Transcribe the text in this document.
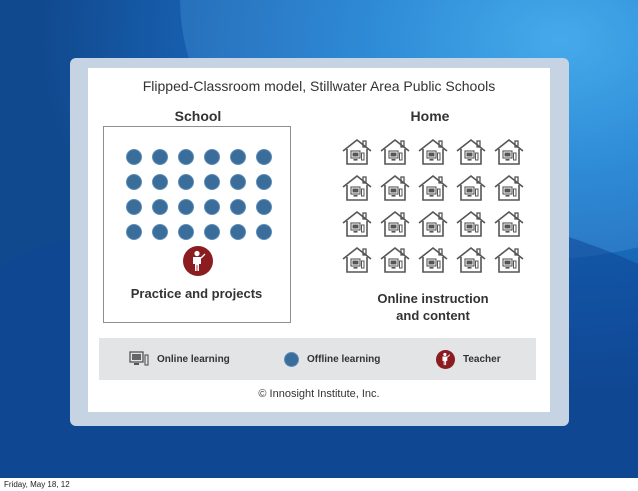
Flipped-Classroom model, Stillwater Area Public Schools
School	Home
Practice and projects	Online instruction
and content
Online learning	Offline learning	Teacher
© Innosight Institute, Inc.
Friday, May 18, 12
